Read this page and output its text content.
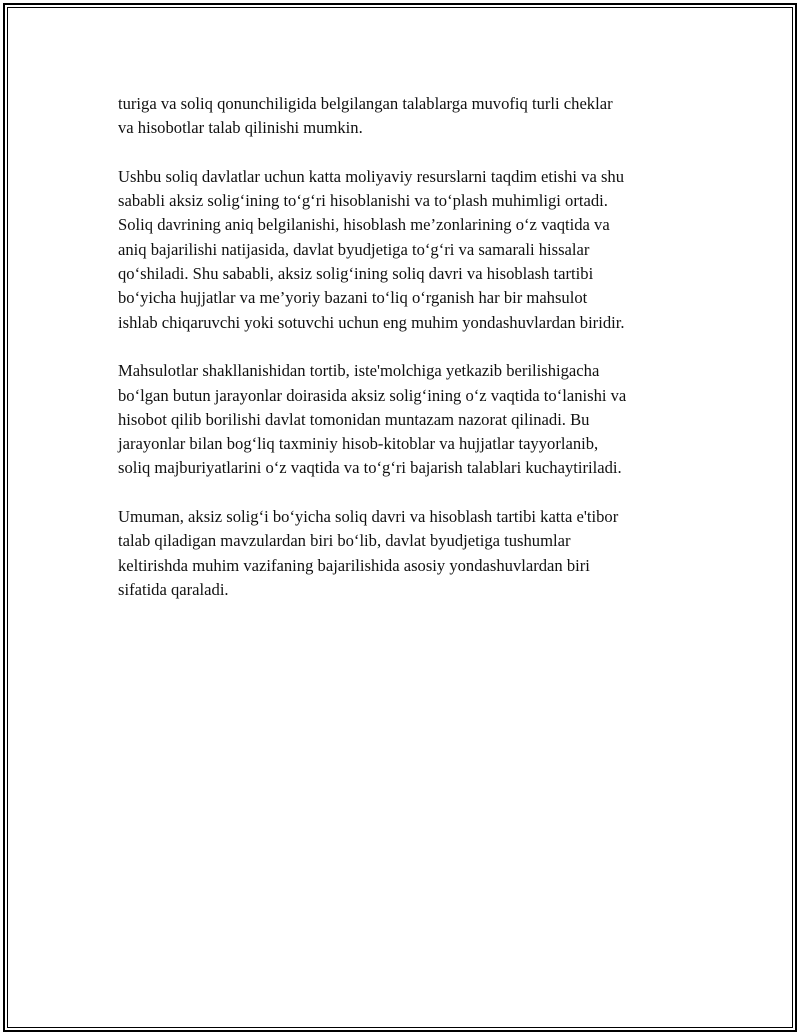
turiga va soliq qonunchiligida belgilangan talablarga muvofiq turli cheklar
va hisobotlar talab qilinishi mumkin.

Ushbu soliq davlatlar uchun katta moliyaviy resurslarni taqdim etishi va shu
sababli aksiz solig‘ining to‘g‘ri hisoblanishi va to‘plash muhimligi ortadi.
Soliq davrining aniq belgilanishi, hisoblash me’zonlarining o‘z vaqtida va
aniq bajarilishi natijasida, davlat byudjetiga to‘g‘ri va samarali hissalar
qo‘shiladi. Shu sababli, aksiz solig‘ining soliq davri va hisoblash tartibi
bo‘yicha hujjatlar va me’yoriy bazani to‘liq o‘rganish har bir mahsulot
ishlab chiqaruvchi yoki sotuvchi uchun eng muhim yondashuvlardan biridir.

Mahsulotlar shakllanishidan tortib, iste'molchiga yetkazib berilishigacha
bo‘lgan butun jarayonlar doirasida aksiz solig‘ining o‘z vaqtida to‘lanishi va
hisobot qilib borilishi davlat tomonidan muntazam nazorat qilinadi. Bu
jarayonlar bilan bog‘liq taxminiy hisob-kitoblar va hujjatlar tayyorlanib,
soliq majburiyatlarini o‘z vaqtida va to‘g‘ri bajarish talablari kuchaytiriladi.

Umuman, aksiz solig‘i bo‘yicha soliq davri va hisoblash tartibi katta e'tibor
talab qiladigan mavzulardan biri bo‘lib, davlat byudjetiga tushumlar
keltirishda muhim vazifaning bajarilishida asosiy yondashuvlardan biri
sifatida qaraladi.
